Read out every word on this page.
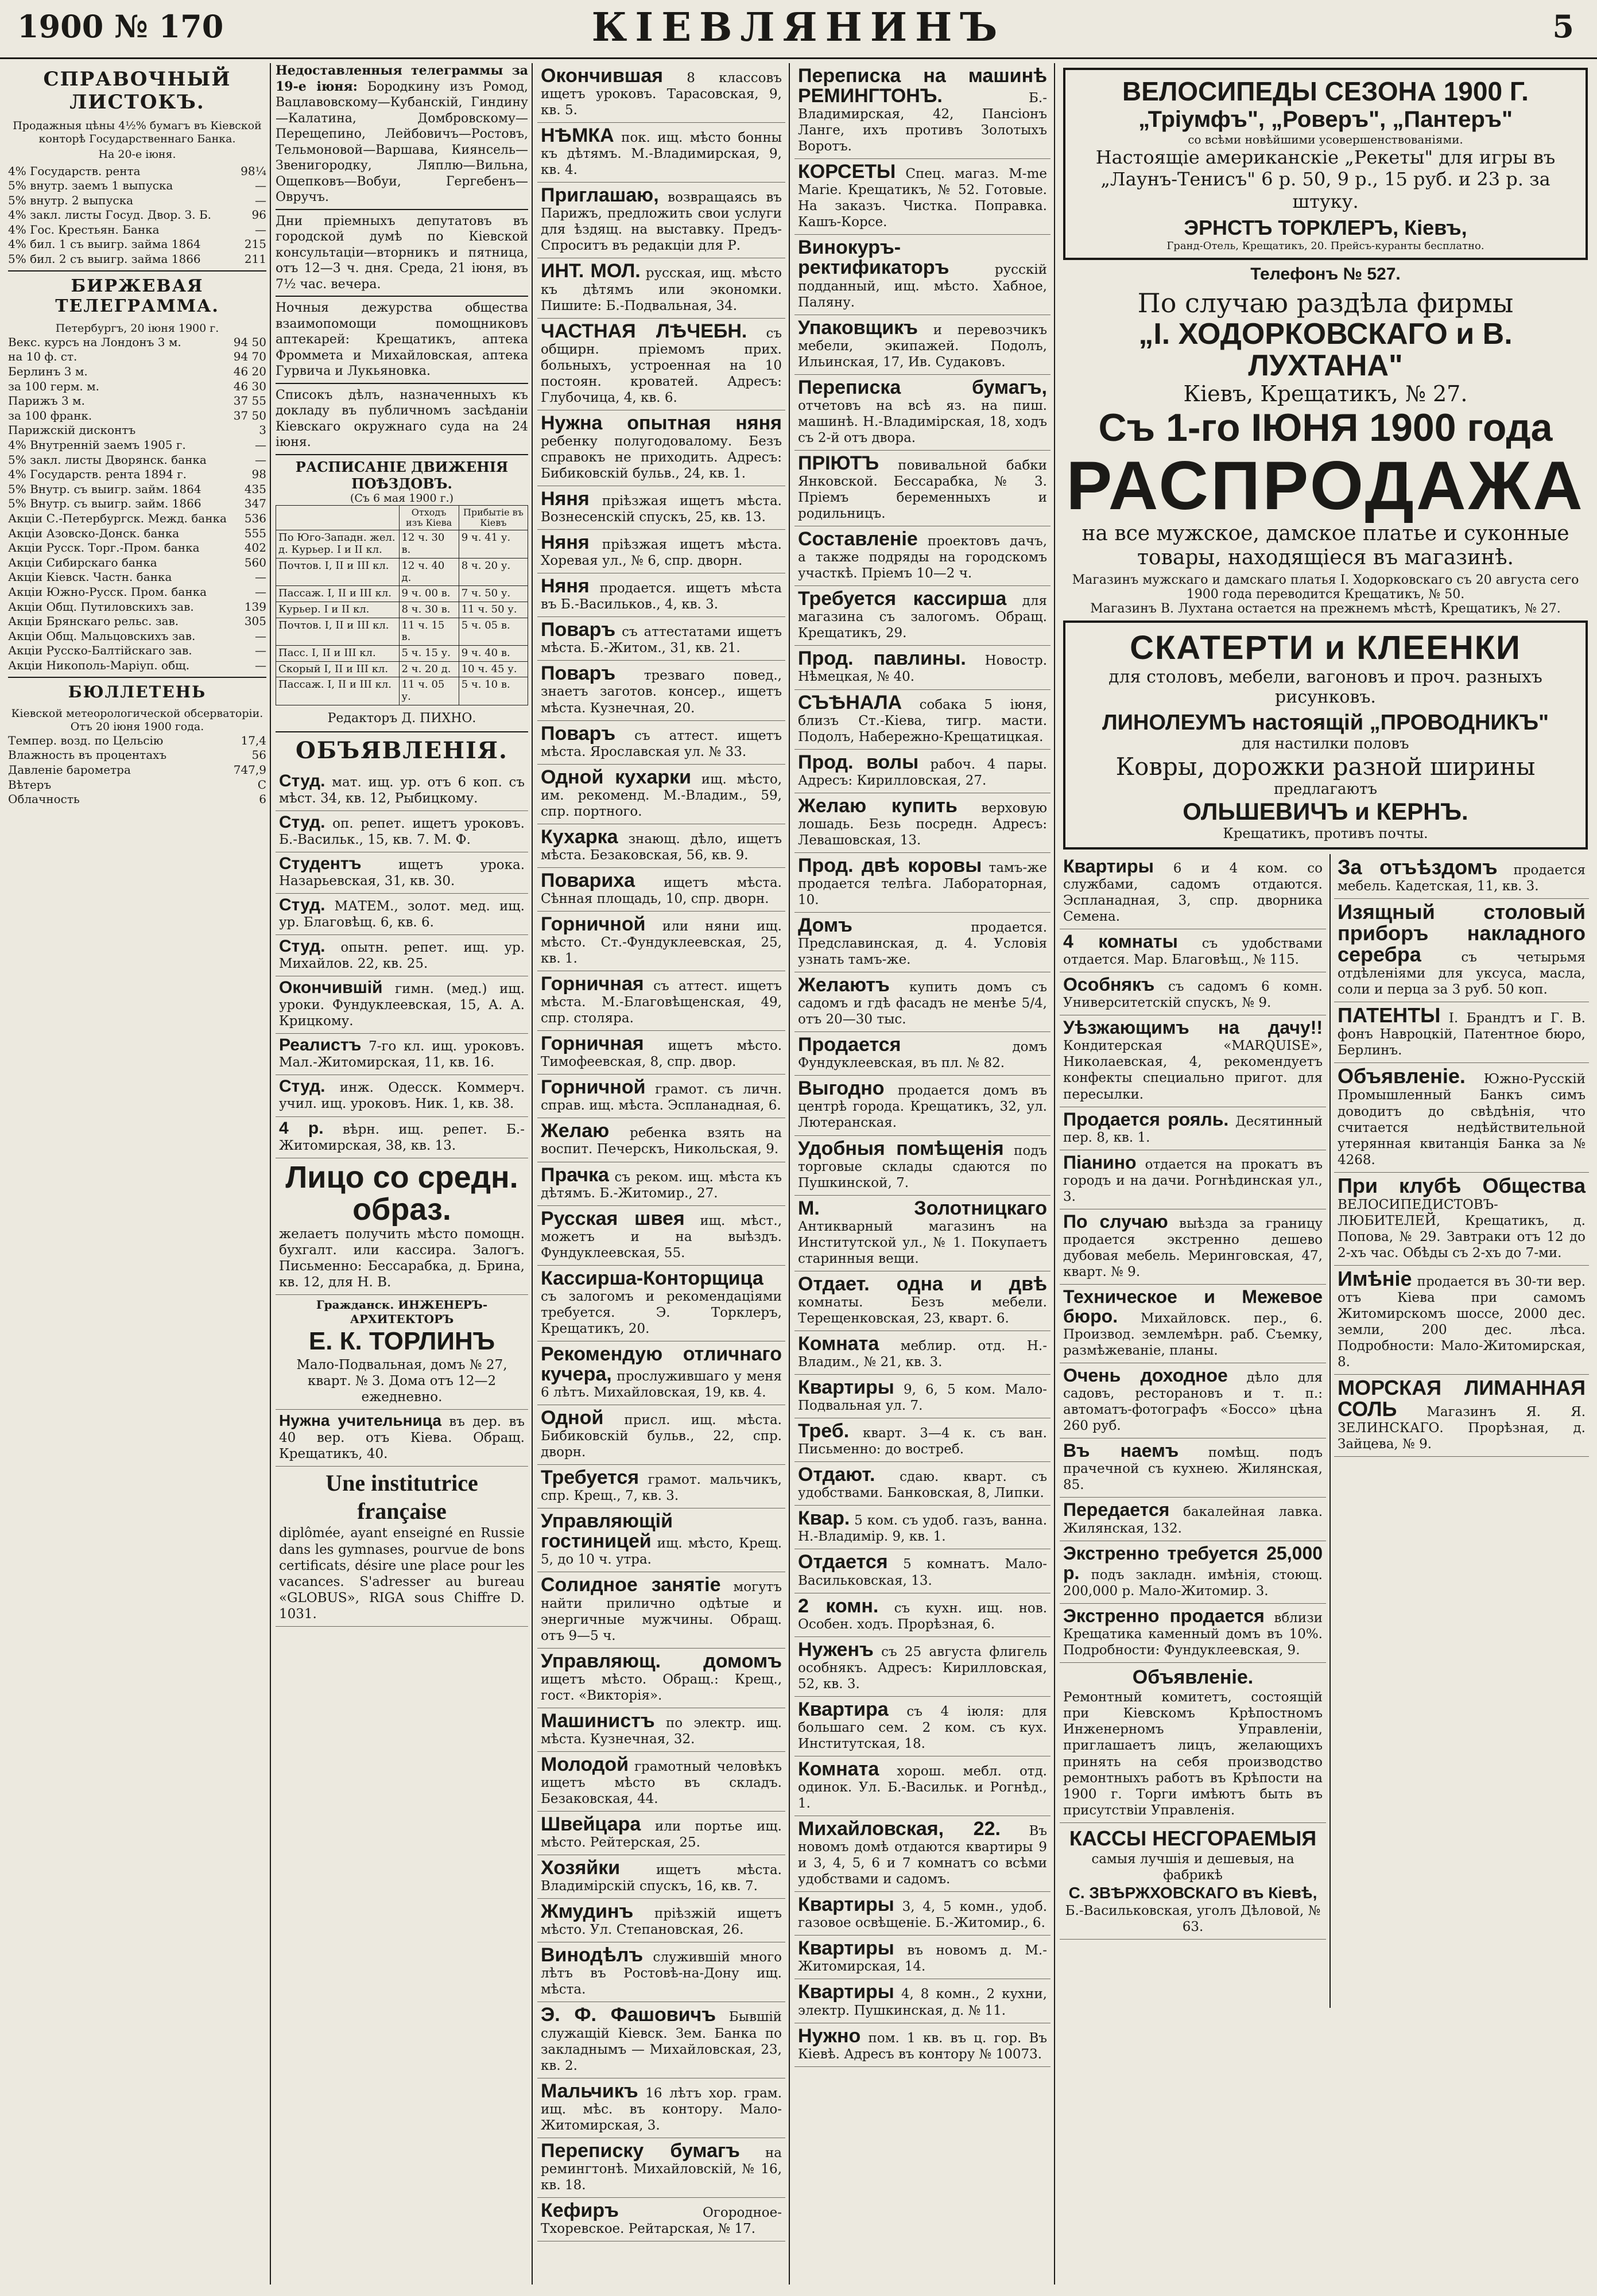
1900 № 170	КІЕВЛЯНИНЪ	5
СПРАВОЧНЫЙ ЛИСТОКЪ.
Продажныя цѣны 4½% бумагъ въ Кіевской конторѣ Государственнаго Банка.
На 20-е іюня.
4% Государств. рента	98¼
5% внутр. заемъ 1 выпуска	—
5% внутр. 2 выпуска	—
4% закл. листы Госуд. Двор. З. Б.	96
4% Гос. Крестьян. Банка	—
4% бил. 1 съ выигр. займа 1864	215
5% бил. 2 съ выигр. займа 1866	211
БИРЖЕВАЯ ТЕЛЕГРАММА.
Петербургъ, 20 іюня 1900 г.
Векс. курсъ на Лондонъ 3 м.	94 50
на 10 ф. ст.	94 70
Берлинъ 3 м.	46 20
за 100 герм. м.	46 30
Парижъ 3 м.	37 55
за 100 франк.	37 50
Парижскій дисконтъ	3
4% Внутренній заемъ 1905 г.	—
5% закл. листы Дворянск. банка	—
4% Государств. рента 1894 г.	98
5% Внутр. съ выигр. займ. 1864	435
5% Внутр. съ выигр. займ. 1866	347
Акціи С.-Петербургск. Межд. банка	536
Акціи Азовско-Донск. банка	555
Акціи Русск. Торг.-Пром. банка	402
Акціи Сибирскаго банка	560
Акціи Кіевск. Частн. банка	—
Акціи Южно-Русск. Пром. банка	—
Акціи Общ. Путиловскихъ зав.	139
Акціи Брянскаго рельс. зав.	305
Акціи Общ. Мальцовскихъ зав.	—
Акціи Русско-Балтійскаго зав.	—
Акціи Никополь-Маріуп. общ.	—
БЮЛЛЕТЕНЬ
Кіевской метеорологической обсерваторіи.
Отъ 20 іюня 1900 года.
Темпер. возд. по Цельсію	17,4
Влажность въ процентахъ	56
Давленіе барометра	747,9
Вѣтеръ	С
Облачность	6
Недоставленныя телеграммы за 19-е іюня: Бородкину изъ Ромод, Вацлавовскому—Кубанскій, Гиндину—Калатина, Домбровскому—Перещепино, Лейбовичъ—Ростовъ, Тельмоновой—Варшава, Киянсель—Звенигородку, Ляплю—Вильна, Ощепковъ—Вобуи, Гергебенъ—Овручъ.
Дни пріемныхъ депутатовъ въ городской думѣ по Кіевской консультаціи—вторникъ и пятница, отъ 12—3 ч. дня. Среда, 21 іюня, въ 7½ час. вечера.
Ночныя дежурства общества взаимопомощи помощниковъ аптекарей: Крещатикъ, аптека Фроммета и Михайловская, аптека Гурвича и Лукьяновка.
Списокъ дѣлъ, назначенныхъ къ докладу въ публичномъ засѣданіи Кіевскаго окружнаго суда на 24 іюня.
РАСПИСАНІЕ ДВИЖЕНІЯ ПОѢЗДОВЪ.
(Съ 6 мая 1900 г.)
	Отходъ изъ Кіева	Прибытіе въ Кіевъ
По Юго-Западн. жел. д. Курьер. I и II кл.	12 ч. 30 в.	9 ч. 41 у.
Почтов. I, II и III кл.	12 ч. 40 д.	8 ч. 20 у.
Пассаж. I, II и III кл.	9 ч. 00 в.	7 ч. 50 у.
Курьер. I и II кл.	8 ч. 30 в.	11 ч. 50 у.
Почтов. I, II и III кл.	11 ч. 15 в.	5 ч. 05 в.
Пасс. I, II и III кл.	5 ч. 15 у.	9 ч. 40 в.
Скорый I, II и III кл.	2 ч. 20 д.	10 ч. 45 у.
Пассаж. I, II и III кл.	11 ч. 05 у.	5 ч. 10 в.
Редакторъ Д. ПИХНО.
ОБЪЯВЛЕНІЯ.
Студ. мат. ищ. ур. отъ 6 коп. съ мѣст. 34, кв. 12, Рыбицкому.
Студ. оп. репет. ищетъ уроковъ. Б.-Васильк., 15, кв. 7. М. Ф.
Студентъ	ищетъ урока. Назарьевская, 31, кв. 30.
Студ. МАТЕМ., золот. мед. ищ. ур. Благовѣщ. 6, кв. 6.
Студ. опытн. репет. ищ. ур. Михайлов. 22, кв. 25.
Окончившій гимн. (мед.) ищ. уроки. Фундуклеевская, 15, А. А. Крицкому.
Реалистъ 7-го кл. ищ. уроковъ. Мал.-Житомирская, 11, кв. 16.
Студ. инж. Одесск. Коммерч. учил. ищ. уроковъ. Ник. 1, кв. 38.
4 р. вѣрн. ищ. репет. Б.-Житомирская, 38, кв. 13.
Лицо со средн. образ.
желаетъ получить мѣсто помощн. бухгалт. или кассира. Залогъ. Письменно: Бессарабка, д. Брина, кв. 12, для Н. В.
Гражданск. ИНЖЕНЕРЪ-АРХИТЕКТОРЪ
Е. К. ТОРЛИНЪ
Мало-Подвальная, домъ № 27, кварт. № 3. Дома отъ 12—2 ежедневно.
Нужна учительница въ дер. въ 40 вер. отъ Кіева. Обращ. Крещатикъ, 40.
Une institutrice française
diplômée, ayant enseigné en Russie dans les gymnases, pourvue de bons certificats, désire une place pour les vacances. S'adresser au bureau «GLOBUS», RIGA sous Chiffre D. 1031.
Окончившая 8 классовъ ищетъ уроковъ. Тарасовская, 9, кв. 5.
НѢМКА пок. ищ. мѣсто бонны къ дѣтямъ. М.-Владимирская, 9, кв. 4.
Приглашаю, возвращаясь въ Парижъ, предложить свои услуги для ѣздящ. на выставку. Предъ-Спроситъ въ редакціи для Р.
ИНТ. МОЛ. русская, ищ. мѣсто къ дѣтямъ или экономки. Пишите: Б.-Подвальная, 34.
ЧАСТНАЯ ЛѢЧЕБН. съ общирн. пріемомъ прих. больныхъ, устроенная на 10 постоян. кроватей. Адресъ: Глубочица, 4, кв. 6.
Нужна опытная няня ребенку полугодовалому. Безъ справокъ не приходить. Адресъ: Бибиковскій бульв., 24, кв. 1.
Няня пріѣзжая ищетъ мѣста. Вознесенскій спускъ, 25, кв. 13.
Няня пріѣзжая ищетъ мѣста. Хоревая ул., № 6, спр. дворн.
Няня продается. ищетъ мѣста въ Б.-Васильков., 4, кв. 3.
Поваръ съ аттестатами ищетъ мѣста. Б.-Житом., 31, кв. 21.
Поваръ трезваго повед., знаетъ заготов. консер., ищетъ мѣста. Кузнечная, 20.
Поваръ съ аттест. ищетъ мѣста. Ярославская ул. № 33.
Одной кухарки ищ. мѣсто, им. рекоменд. М.-Владим., 59, спр. портного.
Кухарка знающ. дѣло, ищетъ мѣста. Безаковская, 56, кв. 9.
Повариха ищетъ мѣста. Сѣнная площадь, 10, спр. дворн.
Горничной или няни ищ. мѣсто. Ст.-Фундуклеевская, 25, кв. 1.
Горничная съ аттест. ищетъ мѣста. М.-Благовѣщенская, 49, спр. столяра.
Горничная ищетъ мѣсто. Тимофеевская, 8, спр. двор.
Горничной грамот. съ личн. справ. ищ. мѣста. Эспланадная, 6.
Желаю ребенка взять на воспит. Печерскъ, Никольская, 9.
Прачка съ реком. ищ. мѣста къ дѣтямъ. Б.-Житомир., 27.
Русская швея ищ. мѣст., можетъ и на выѣздъ. Фундуклеевская, 55.
Кассирша-Конторщица съ залогомъ и рекомендаціями требуется. Э. Торклеръ, Крещатикъ, 20.
Рекомендую отличнаго кучера, прослужившаго у меня 6 лѣтъ. Михайловская, 19, кв. 4.
Одной присл. ищ. мѣста. Бибиковскій бульв., 22, спр. дворн.
Требуется грамот. мальчикъ, спр. Крещ., 7, кв. 3.
Управляющій гостиницей ищ. мѣсто, Крещ. 5, до 10 ч. утра.
Солидное занятіе могутъ найти прилично одѣтые и энергичные мужчины. Обращ. отъ 9—5 ч.
Управляющ. домомъ ищетъ мѣсто. Обращ.: Крещ., гост. «Викторія».
Машинистъ по электр. ищ. мѣста. Кузнечная, 32.
Молодой грамотный человѣкъ ищетъ мѣсто въ складъ. Безаковская, 44.
Швейцара или портье ищ. мѣсто. Рейтерская, 25.
Хозяйки	ищетъ мѣста. Владимірскій спускъ, 16, кв. 7.
Жмудинъ пріѣзжій ищетъ мѣсто. Ул. Степановская, 26.
Винодѣлъ служившій много лѣтъ въ Ростовѣ-на-Дону ищ. мѣста.
Э. Ф. Фашовичъ Бывшій служащій Кіевск. Зем. Банка по закладнымъ — Михайловская, 23, кв. 2.
Мальчикъ 16 лѣтъ хор. грам. ищ. мѣс. въ контору. Мало-Житомирская, 3.
Переписку бумагъ на ремингтонѣ. Михайловскій, № 16, кв. 18.
Кефиръ	Огородное-Тхоревское. Рейтарская, № 17.
Переписка на машинѣ РЕМИНГТОНЪ.	Б.-Владимирская, 42, Пансіонъ Ланге, ихъ противъ Золотыхъ Воротъ.
КОРСЕТЫ Спец. магаз. M-me Marie. Крещатикъ, № 52. Готовые. На заказъ. Чистка. Поправка. Кашъ-Корсе.
Винокуръ-ректификаторъ	русскій подданный, ищ. мѣсто. Хабное, Паляну.
Упаковщикъ и перевозчикъ мебели, экипажей. Подолъ, Ильинская, 17, Ив. Судаковъ.
Переписка бумагъ, отчетовъ на всѣ яз. на пиш. машинѣ. Н.-Владимірская, 18, ходъ съ 2-й отъ двора.
ПРІЮТЪ повивальной бабки Янковской. Бессарабка, № 3. Пріемъ беременныхъ и родильницъ.
Составленіе проектовъ дачъ, а также подряды на городскомъ участкѣ. Пріемъ 10—2 ч.
Требуется кассирша для магазина съ залогомъ. Обращ. Крещатикъ, 29.
Прод. павлины. Новостр. Нѣмецкая, № 40.
СЪѢНАЛА собака 5 іюня, близъ Ст.-Кіева, тигр. масти. Подолъ, Набережно-Крещатицкая.
Прод. волы рабоч. 4 пары. Адресъ: Кирилловская, 27.
Желаю купить верховую лошадь. Безь посредн. Адресъ: Левашовская, 13.
Прод. двѣ коровы тамъ-же продается телѣга. Лабораторная, 10.
Домъ	продается. Предславинская, д. 4. Условія узнать тамъ-же.
Желаютъ купить домъ съ садомъ и гдѣ фасадъ не менѣе 5/4, отъ 20—30 тыс.
Продается	домъ Фундуклеевская, въ пл. № 82.
Выгодно продается домъ въ центрѣ города. Крещатикъ, 32, ул. Лютеранская.
Удобныя помѣщенія подъ торговые склады сдаются по Пушкинской, 7.
М. Золотницкаго Антикварный магазинъ на Институтской ул., № 1. Покупаетъ старинныя вещи.
Отдает. одна и двѣ комнаты. Безъ мебели. Терещенковская, 23, кварт. 6.
Комната меблир. отд. Н.-Владим., № 21, кв. 3.
Квартиры 9, 6, 5 ком. Мало-Подвальная ул. 7.
Треб. кварт. 3—4 к. съ ван. Письменно: до востреб.
Отдают. сдаю. кварт. съ удобствами. Банковская, 8, Липки.
Квар. 5 ком. съ удоб. газъ, ванна. Н.-Владимір. 9, кв. 1.
Отдается 5 комнатъ. Мало-Васильковская, 13.
2 комн. съ кухн. ищ. нов. Особен. ходъ. Прорѣзная, 6.
Нуженъ съ 25 августа флигель особнякъ. Адресъ: Кирилловская, 52, кв. 3.
Квартира съ 4 іюля: для большаго сем. 2 ком. съ кух. Институтская, 18.
Комната хорош. мебл. отд. одинок. Ул. Б.-Васильк. и Рогнѣд., 1.
Михайловская, 22. Въ новомъ домѣ отдаются квартиры 9 и 3, 4, 5, 6 и 7 комнатъ со всѣми удобствами и садомъ.
Квартиры 3, 4, 5 комн., удоб. газовое освѣщеніе. Б.-Житомир., 6.
Квартиры въ новомъ д. М.-Житомирская, 14.
Квартиры 4, 8 комн., 2 кухни, электр. Пушкинская, д. № 11.
Нужно пом. 1 кв. въ ц. гор. Въ Кіевѣ. Адресъ въ контору № 10073.
ВЕЛОСИПЕДЫ СЕЗОНА 1900 Г.
„Тріумфъ", „Роверъ", „Пантеръ"
со всѣми новѣйшими усовершенствованіями.
Настоящіе американскіе „Рекеты" для игры въ „Лаунъ-Тенисъ" 6 р. 50, 9 р., 15 руб. и 23 р. за штуку.
ЭРНСТЪ ТОРКЛЕРЪ, Кіевъ,
Гранд-Отель, Крещатикъ, 20. Прейсъ-куранты бесплатно.
Телефонъ № 527.
По случаю раздѣла фирмы
„І. ХОДОРКОВСКАГО и В. ЛУХТАНА"
Кіевъ, Крещатикъ, № 27.
Съ 1-го ІЮНЯ 1900 года
РАСПРОДАЖА
на все мужское, дамское платье и суконные товары, находящіеся въ магазинѣ.
Магазинъ мужскаго и дамскаго платья І. Ходорковскаго съ 20 августа сего 1900 года переводится Крещатикъ, № 50.
Магазинъ В. Лухтана остается на прежнемъ мѣстѣ, Крещатикъ, № 27.
СКАТЕРТИ и КЛЕЕНКИ
для столовъ, мебели, вагоновъ и проч. разныхъ рисунковъ.
ЛИНОЛЕУМЪ настоящій „ПРОВОДНИКЪ"
для настилки половъ
Ковры, дорожки разной ширины
предлагаютъ
ОЛЬШЕВИЧЪ и КЕРНЪ.
Крещатикъ, противъ почты.
Квартиры 6 и 4 ком. со службами, садомъ отдаются. Эспланадная, 3, спр. дворника Семена.
4 комнаты съ удобствами отдается. Мар. Благовѣщ., № 115.
Особнякъ съ садомъ 6 комн. Университетскій спускъ, № 9.
Уѣзжающимъ на дачу!! Кондитерская «MARQUISE», Николаевская, 4, рекомендуетъ конфекты специально пригот. для пересылки.
Продается рояль. Десятинный пер. 8, кв. 1.
Піанино отдается на прокатъ въ городъ и на дачи. Рогнѣдинская ул., 3.
По случаю выѣзда за границу продается экстренно дешево дубовая мебель. Меринговская, 47, кварт. № 9.
Техническое и Межевое бюро. Михайловск. пер., 6. Производ. землемѣрн. раб. Съемку, размѣжеваніе, планы.
Очень доходное дѣло для садовъ, ресторановъ и т. п.: автоматъ-фотографъ «Боссо» цѣна 260 руб.
Въ наемъ помѣщ. подъ прачечной съ кухнею. Жилянская, 85.
Передается бакалейная лавка. Жилянская, 132.
Экстренно требуется 25,000 р. подъ закладн. имѣнія, стоющ. 200,000 р. Мало-Житомир. 3.
Экстренно продается вблизи Крещатика каменный домъ въ 10%. Подробности: Фундуклеевская, 9.
Объявленіе.
Ремонтный комитетъ, состоящій при Кіевскомъ Крѣпостномъ Инженерномъ Управленіи, приглашаетъ лицъ, желающихъ принять на себя производство ремонтныхъ работъ въ Крѣпости на 1900 г. Торги имѣютъ быть въ присутствіи Управленія.
КАССЫ НЕСГОРАЕМЫЯ
самыя лучшія и дешевыя, на фабрикѣ
С. ЗВѢРЖХОВСКАГО въ Кіевѣ,
Б.-Васильковская, уголъ Дѣловой, № 63.
За отъѣздомъ продается мебель. Кадетская, 11, кв. 3.
Изящный столовый приборъ накладного серебра	съ четырьмя отдѣленіями для уксуса, масла, соли и перца за 3 руб. 50 коп.
ПАТЕНТЫ І. Брандтъ и Г. В. фонъ Навроцкій, Патентное бюро, Берлинъ.
Объявленіе. Южно-Русскій Промышленный Банкъ симъ доводитъ до свѣдѣнія, что считается недѣйствительной утерянная квитанція Банка за № 4268.
При клубѣ Общества ВЕЛОСИПЕДИСТОВЪ-ЛЮБИТЕЛЕЙ, Крещатикъ, д. Попова, № 29. Завтраки отъ 12 до 2-хъ час. Обѣды съ 2-хъ до 7-ми.
Имѣніе продается въ 30-ти вер. отъ Кіева при самомъ Житомирскомъ шоссе, 2000 дес. земли, 200 дес. лѣса. Подробности: Мало-Житомирская, 8.
МОРСКАЯ ЛИМАННАЯ СОЛЬ Магазинъ Я. Я. ЗЕЛИНСКАГО. Прорѣзная, д. Зайцева, № 9.
